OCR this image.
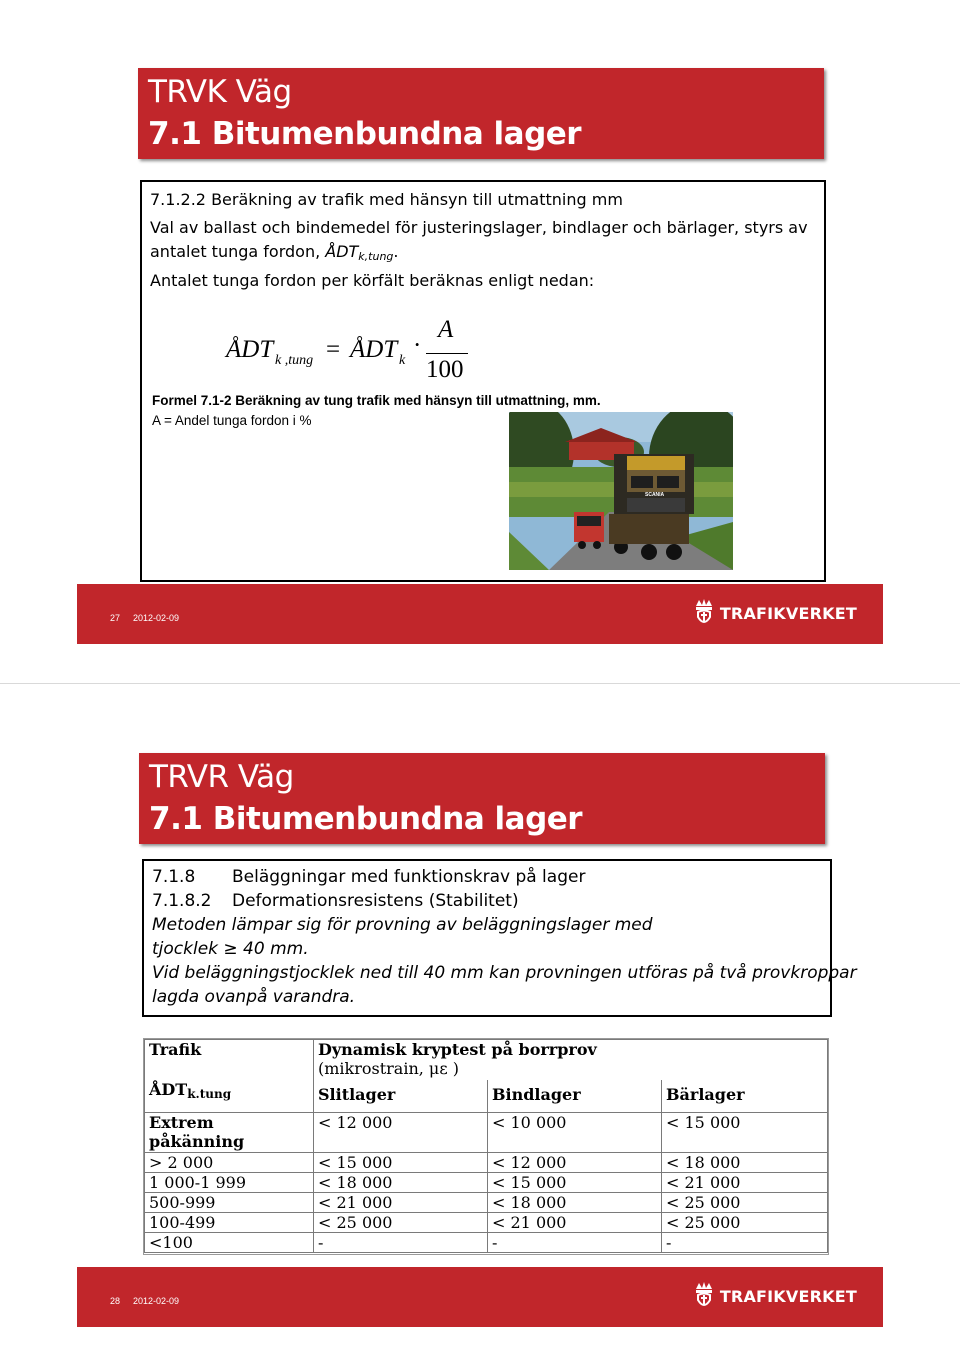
TRVK Väg
7.1 Bitumenbundna lager
7.1.2.2 Beräkning av trafik med hänsyn till utmattning mm
Val av ballast och bindemedel för justeringslager, bindlager och bärlager, styrs av
antalet tunga fordon, ÅDTk,tung.
Antalet tunga fordon per körfält beräknas enligt nedan:
ÅDT k ,tung = ÅDT k
·
A
100
Formel 7.1-2 Beräkning av tung trafik med hänsyn till utmattning, mm.
A = Andel tunga fordon i %
SCANIA
27 2012-02-09	TRAFIKVERKET
TRVR Väg
7.1 Bitumenbundna lager
7.1.8 Beläggningar med funktionskrav på lager
7.1.8.2 Deformationsresistens (Stabilitet)
Metoden lämpar sig för provning av beläggningslager med
tjocklek ≥ 40 mm.
Vid beläggningstjocklek ned till 40 mm kan provningen utföras på två provkroppar
lagda ovanpå varandra.
Trafik	Dynamisk kryptest på borrprov
(mikrostrain, με )		

ÅDTk.tung	Slitlager	Bindlager	Bärlager
Extrem påkänning	< 12 000	< 10 000	< 15 000
> 2 000	< 15 000	< 12 000	< 18 000
1 000-1 999	< 18 000	< 15 000	< 21 000
500-999	< 21 000	< 18 000	< 25 000
100-499	< 25 000	< 21 000	< 25 000
<100	-	-	-
28 2012-02-09	TRAFIKVERKET
